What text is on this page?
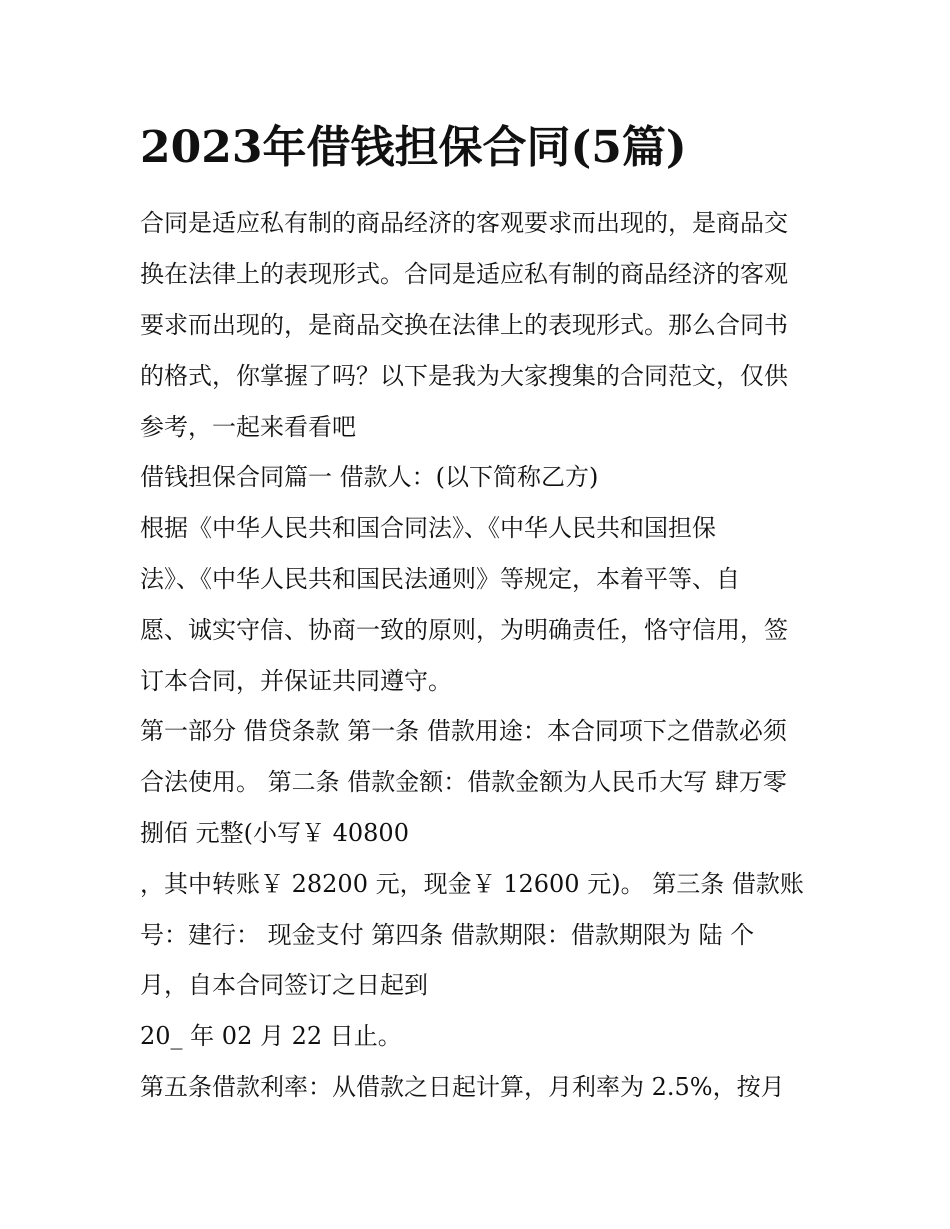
2023年借钱担保合同(5篇)

合同是适应私有制的商品经济的客观要求而出现的，是商品交

换在法律上的表现形式。合同是适应私有制的商品经济的客观

要求而出现的，是商品交换在法律上的表现形式。那么合同书

的格式，你掌握了吗？以下是我为大家搜集的合同范文，仅供

参考，一起来看看吧

借钱担保合同篇一 借款人：(以下简称乙方)

根据《中华人民共和国合同法》、《中华人民共和国担保

法》、《中华人民共和国民法通则》等规定，本着平等、自

愿、诚实守信、协商一致的原则，为明确责任，恪守信用，签

订本合同，并保证共同遵守。

第一部分 借贷条款 第一条 借款用途：本合同项下之借款必须

合法使用。 第二条 借款金额：借款金额为人民币大写 肆万零

捌佰 元整(小写￥ 40800

，其中转账￥ 28200 元，现金￥ 12600 元)。 第三条 借款账

号：建行： 现金支付 第四条 借款期限：借款期限为 陆 个

月，自本合同签订之日起到

20_ 年 02 月 22 日止。

第五条借款利率：从借款之日起计算，月利率为 2.5%，按月
